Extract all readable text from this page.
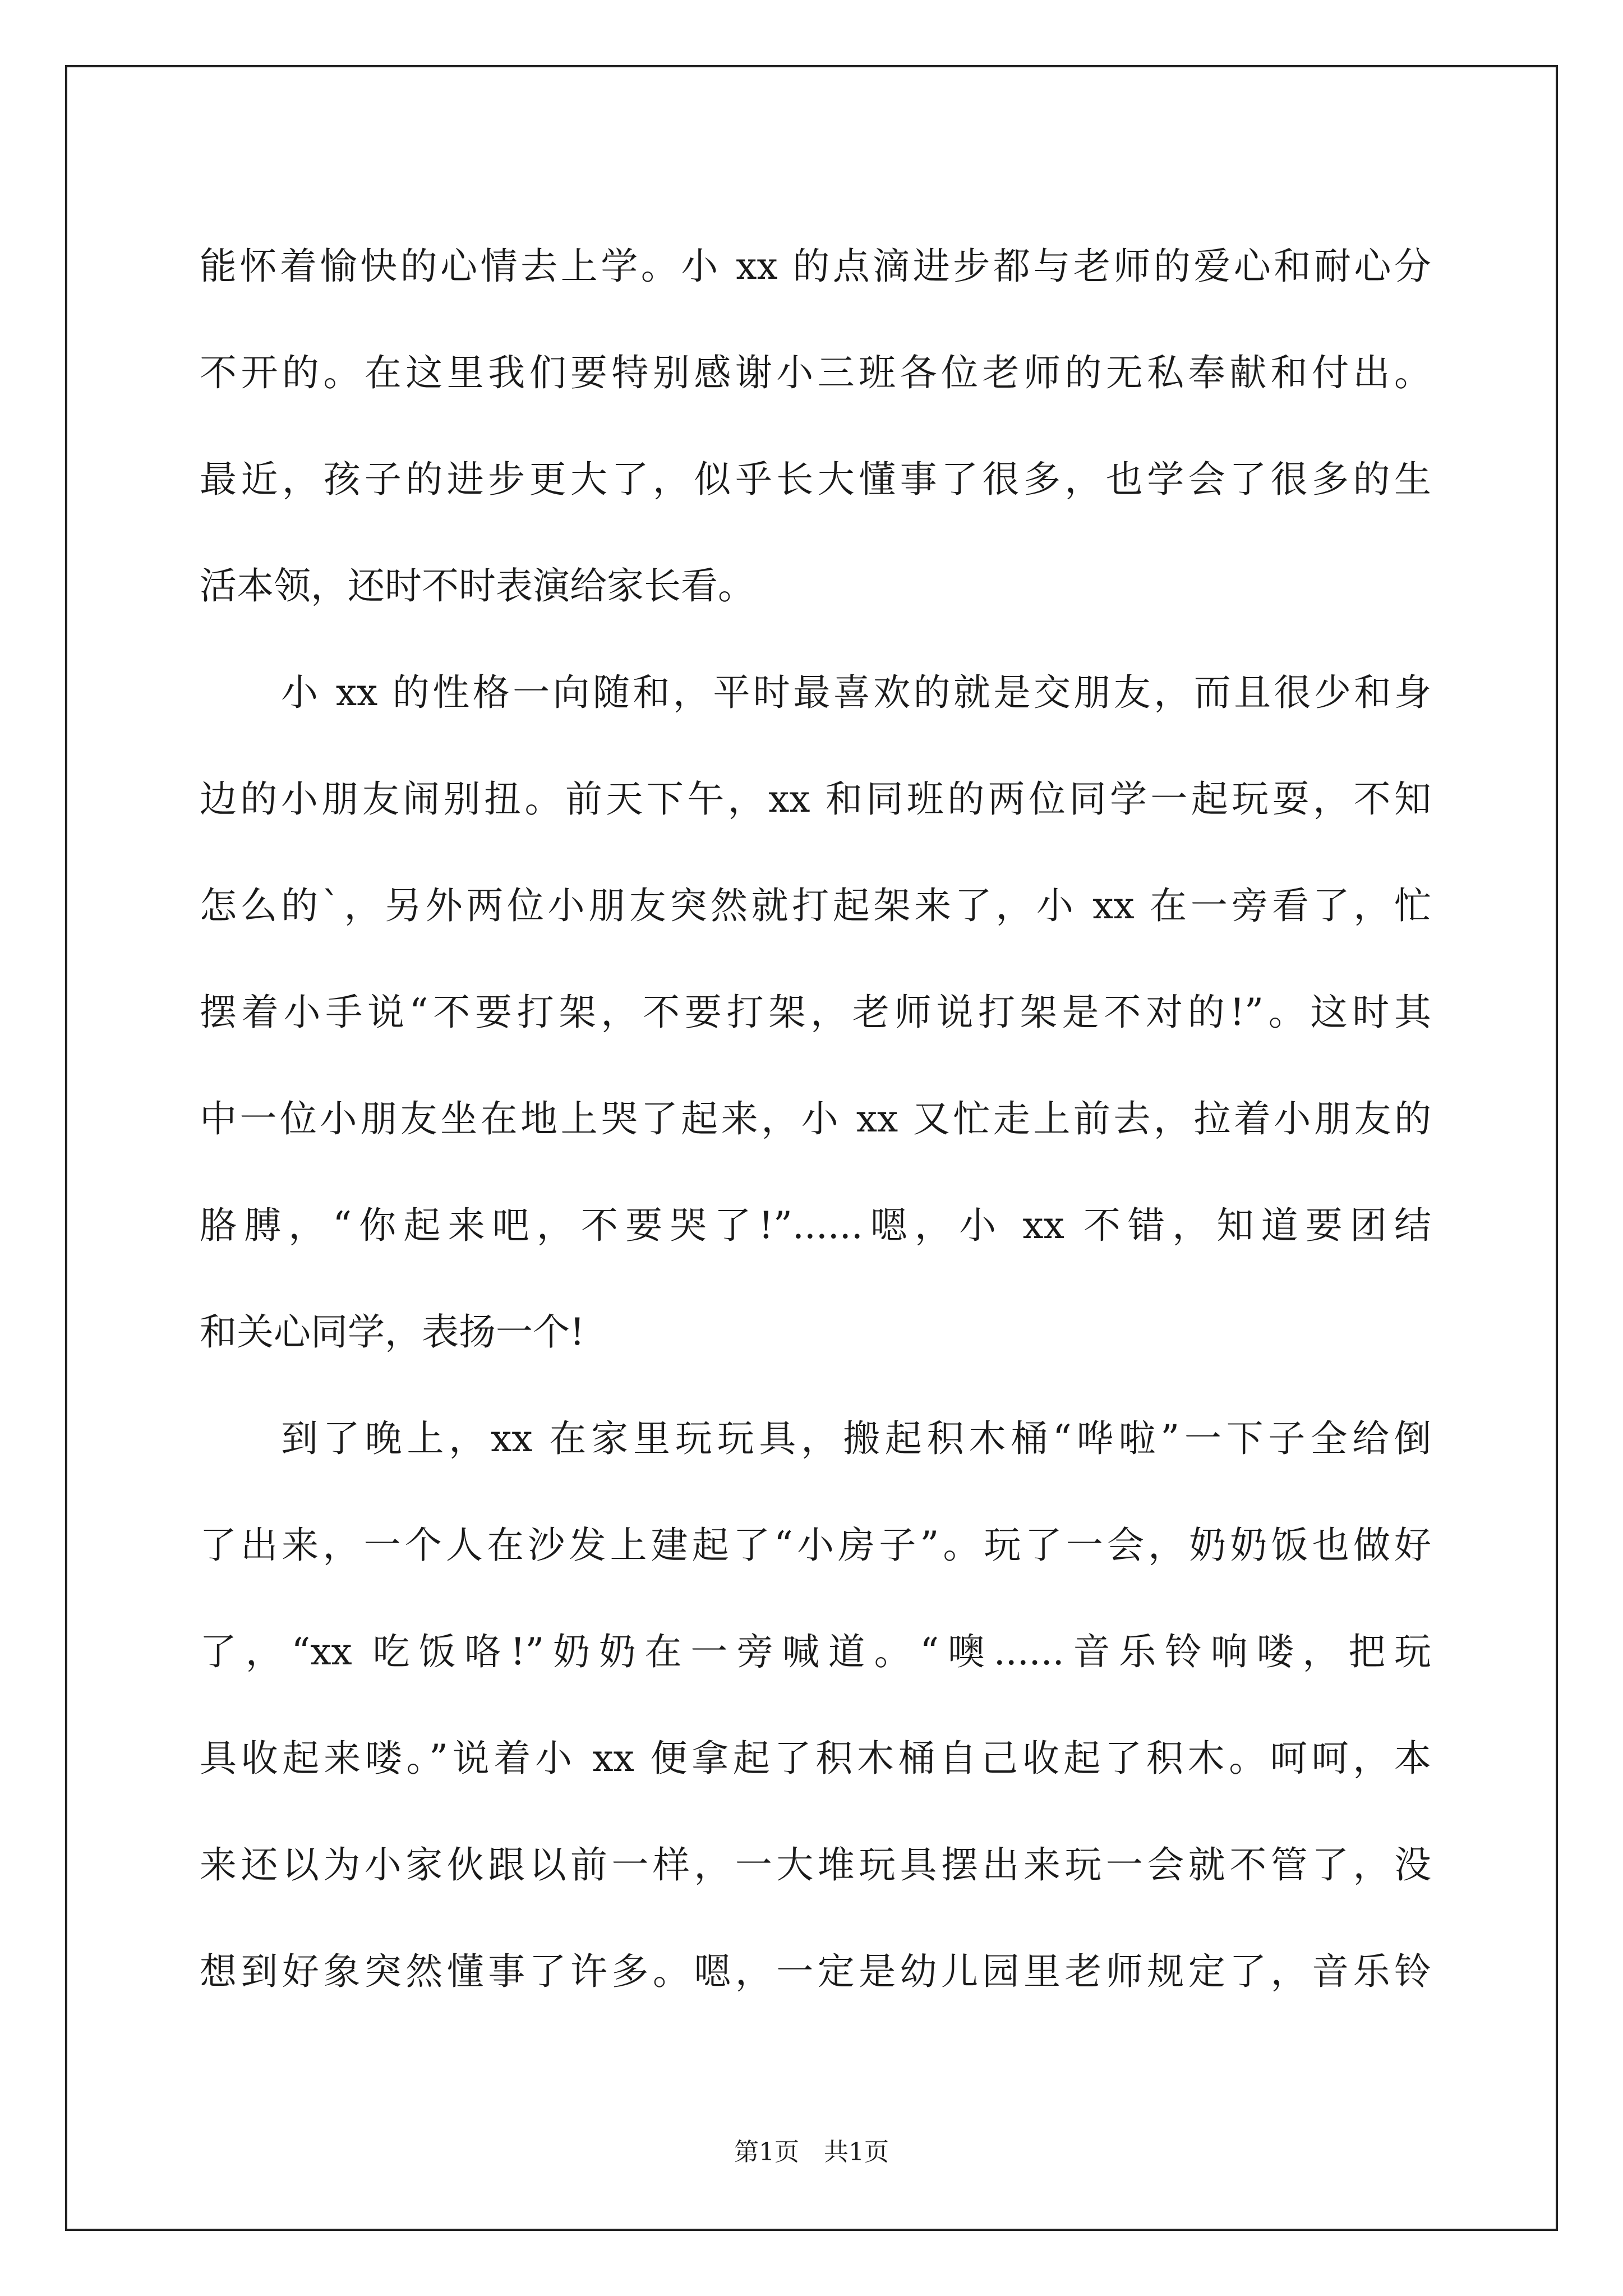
能怀着愉快的心情去上学。小 xx 的点滴进步都与老师的爱心和耐心分
不开的。在这里我们要特别感谢小三班各位老师的无私奉献和付出。
最近，孩子的进步更大了，似乎长大懂事了很多，也学会了很多的生
活本领，还时不时表演给家长看。
小 xx 的性格一向随和，平时最喜欢的就是交朋友，而且很少和身
边的小朋友闹别扭。前天下午，xx 和同班的两位同学一起玩耍，不知
怎么的`，另外两位小朋友突然就打起架来了，小 xx 在一旁看了，忙
摆着小手说“不要打架，不要打架，老师说打架是不对的!”。这时其
中一位小朋友坐在地上哭了起来，小 xx 又忙走上前去，拉着小朋友的
胳膊，“你起来吧，不要哭了!”......嗯，小 xx 不错，知道要团结
和关心同学，表扬一个!
到了晚上，xx 在家里玩玩具，搬起积木桶“哗啦”一下子全给倒
了出来，一个人在沙发上建起了“小房子”。玩了一会，奶奶饭也做好
了，“xx 吃饭咯!”奶奶在一旁喊道。“噢......音乐铃响喽，把玩
具收起来喽。”说着小 xx 便拿起了积木桶自己收起了积木。呵呵，本
来还以为小家伙跟以前一样，一大堆玩具摆出来玩一会就不管了，没
想到好象突然懂事了许多。嗯，一定是幼儿园里老师规定了，音乐铃
第1页　共1页
